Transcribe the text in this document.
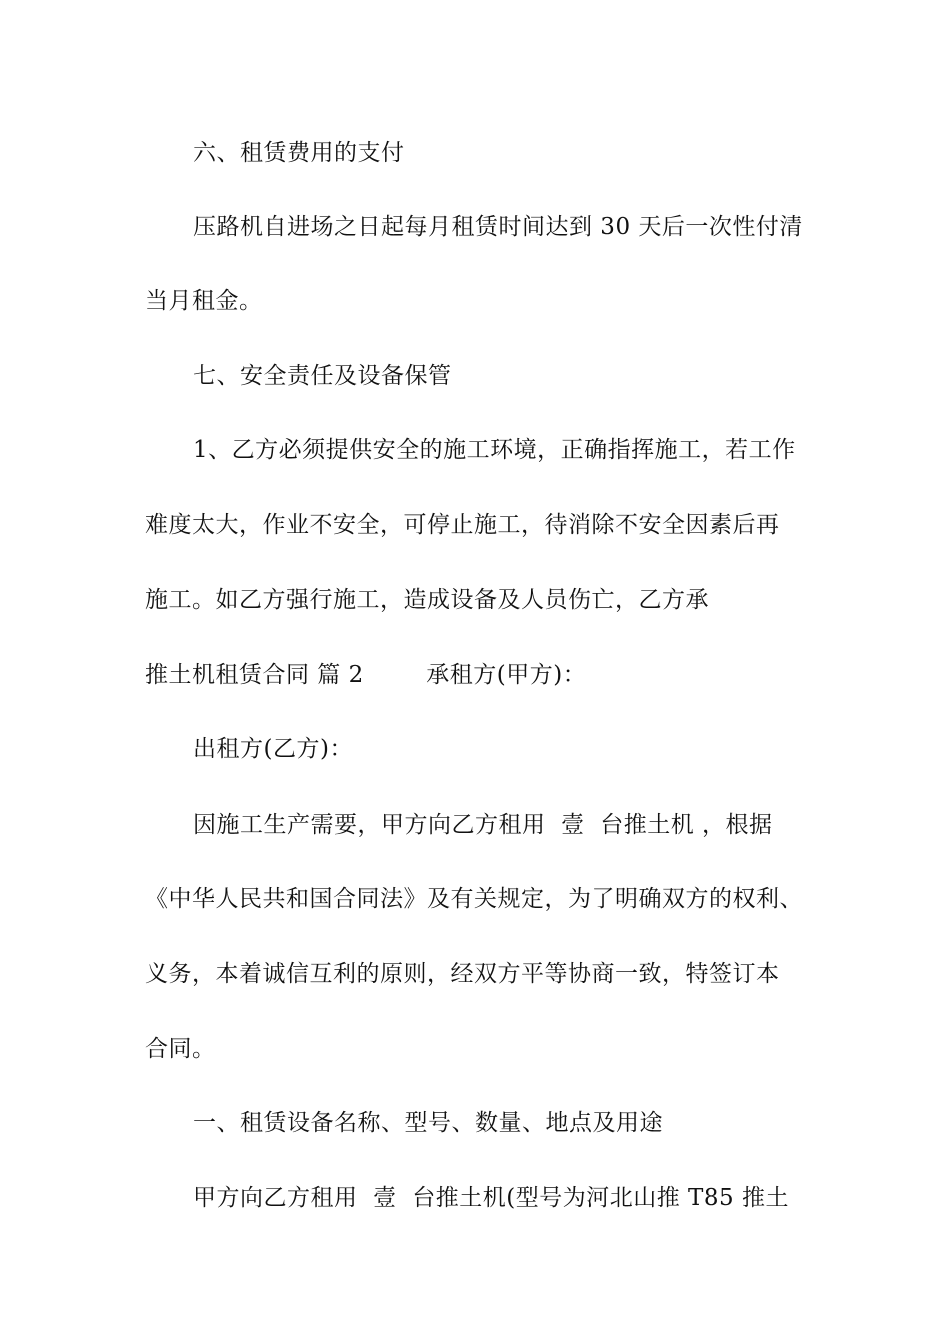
六、租赁费用的支付
压路机自进场之日起每月租赁时间达到 30 天后一次性付清
当月租金。
七、安全责任及设备保管
1、乙方必须提供安全的施工环境，正确指挥施工，若工作
难度太大，作业不安全，可停止施工，待消除不安全因素后再
施工。如乙方强行施工，造成设备及人员伤亡，乙方承
推土机租赁合同 篇 2        承租方(甲方)：
出租方(乙方)：
因施工生产需要，甲方向乙方租用  壹  台推土机 ，根据
《中华人民共和国合同法》及有关规定，为了明确双方的权利、
义务，本着诚信互利的原则，经双方平等协商一致，特签订本
合同。
一、租赁设备名称、型号、数量、地点及用途
甲方向乙方租用  壹  台推土机(型号为河北山推 T85 推土
